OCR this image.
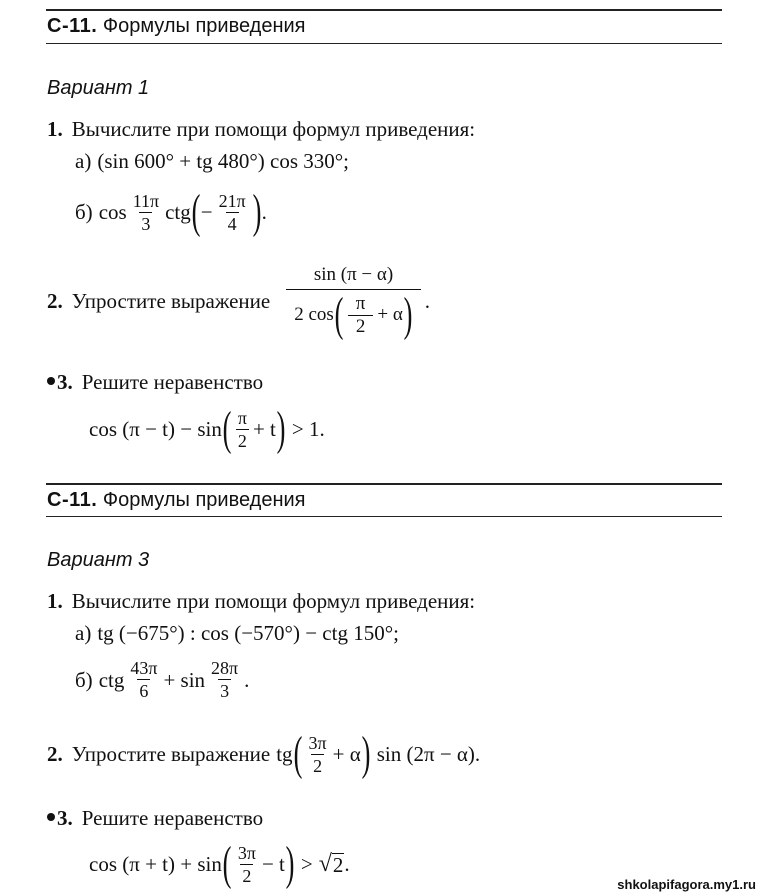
С-11. Формулы приведения
Вариант 1
1. Вычислите при помощи формул приведения:
а) (sin 600° + tg 480°) cos 330°;
б) $\cos \frac{11\pi}{3}$ ctg ( − $\frac{21\pi}{4}$ ) .
2. Упростите выражение
sin (π − α)
2 cos ( $\frac{\pi}{2} + \alpha$ ) .
3. Решите неравенство
cos (π − t) − sin ( $\frac{\pi}{2} + t$ ) > 1.
С-11. Формулы приведения
Вариант 3
1. Вычислите при помощи формул приведения:
а) tg (−675°) : cos (−570°) − ctg 150°;
б) ctg $\frac{43\pi}{6} + \sin \frac{28\pi}{3}$ .
2. Упростите выражение tg ( $\frac{3\pi}{2} + \alpha$ ) sin (2π − α).
3. Решите неравенство
cos (π + t) + sin ( $\frac{3\pi}{2} - t$ ) > √ 2 .
shkolapifagora.my1.ru
